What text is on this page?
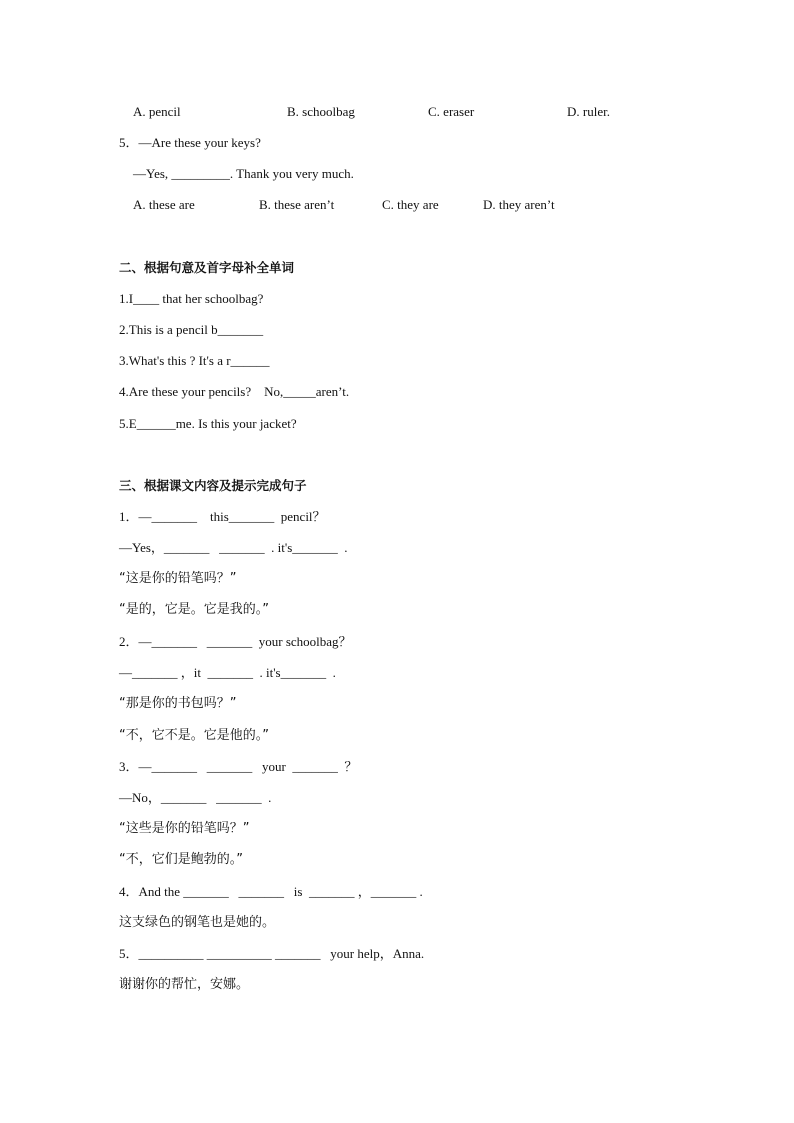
A. pencil	B. schoolbag	C. eraser	D. ruler.
5．—Are these your keys?
—Yes, _________. Thank you very much.
A. these are	B. these aren’t	C. they are	D. they aren’t
二、根据句意及首字母补全单词
1.I____ that her schoolbag?
2.This is a pencil b_______
3.What's this ? It's a r______
4.Are these your pencils?    No,_____aren’t.
5.E______me. Is this your jacket?
三、根据课文内容及提示完成句子
1．—_______    this_______  pencil？
—Yes，_______   _______  . it's_______  .
“这是你的铅笔吗？”
“是的，它是。它是我的。”
2．—_______   _______  your schoolbag？
—_______ ，it  _______  . it's_______  .
“那是你的书包吗？”
“不，它不是。它是他的。”
3．—_______   _______   your  _______  ？
—No，_______   _______  .
“这些是你的铅笔吗？”
“不，它们是鲍勃的。”
4．And the _______   _______   is  _______ ，_______ .
这支绿色的钢笔也是她的。
5．__________ __________ _______   your help，Anna.
谢谢你的帮忙，安娜。
